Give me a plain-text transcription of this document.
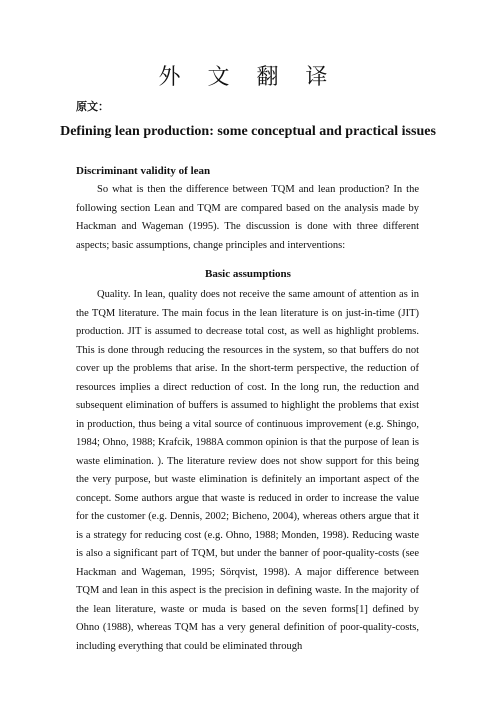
外 文 翻 译
原文：
Defining lean production: some conceptual and practical issues
Discriminant validity of lean

So what is then the difference between TQM and lean production? In the following section Lean and TQM are compared based on the analysis made by Hackman and Wageman (1995). The discussion is done with three different aspects; basic assumptions, change principles and interventions:

Basic assumptions

Quality. In lean, quality does not receive the same amount of attention as in the TQM literature. The main focus in the lean literature is on just-in-time (JIT) production. JIT is assumed to decrease total cost, as well as highlight problems. This is done through reducing the resources in the system, so that buffers do not cover up the problems that arise. In the short-term perspective, the reduction of resources implies a direct reduction of cost. In the long run, the reduction and subsequent elimination of buffers is assumed to highlight the problems that exist in production, thus being a vital source of continuous improvement (e.g. Shingo, 1984; Ohno, 1988; Krafcik, 1988A common opinion is that the purpose of lean is waste elimination. ). The literature review does not show support for this being the very purpose, but waste elimination is definitely an important aspect of the concept. Some authors argue that waste is reduced in order to increase the value for the customer (e.g. Dennis, 2002; Bicheno, 2004), whereas others argue that it is a strategy for reducing cost (e.g. Ohno, 1988; Monden, 1998). Reducing waste is also a significant part of TQM, but under the banner of poor-quality-costs (see Hackman and Wageman, 1995; Sörqvist, 1998). A major difference between TQM and lean in this aspect is the precision in defining waste. In the majority of the lean literature, waste or muda is based on the seven forms[1] defined by Ohno (1988), whereas TQM has a very general definition of poor-quality-costs, including everything that could be eliminated through
